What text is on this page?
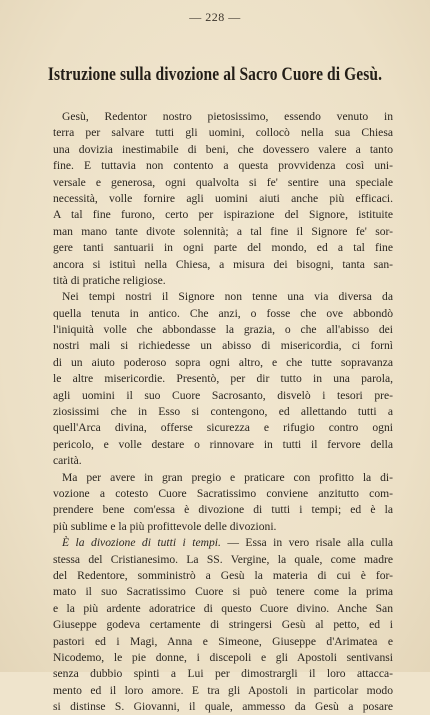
— 228 —
Istruzione sulla divozione al Sacro Cuore di Gesù.
Gesù, Redentor nostro pietosissimo, essendo venuto in
terra per salvare tutti gli uomini, collocò nella sua Chiesa
una dovizia inestimabile di beni, che dovessero valere a tanto
fine. E tuttavia non contento a questa provvidenza così uni-
versale e generosa, ogni qualvolta si fe' sentire una speciale
necessità, volle fornire agli uomini aiuti anche più efficaci.
A tal fine furono, certo per ispirazione del Signore, istituite
man mano tante divote solennità; a tal fine il Signore fe' sor-
gere tanti santuarii in ogni parte del mondo, ed a tal fine
ancora si istituì nella Chiesa, a misura dei bisogni, tanta san-
tità di pratiche religiose.
Nei tempi nostri il Signore non tenne una via diversa da
quella tenuta in antico. Che anzi, o fosse che ove abbondò
l'iniquità volle che abbondasse la grazia, o che all'abisso dei
nostri mali si richiedesse un abisso di misericordia, ci fornì
di un aiuto poderoso sopra ogni altro, e che tutte sopravanza
le altre misericordie. Presentò, per dir tutto in una parola,
agli uomini il suo Cuore Sacrosanto, disvelò i tesori pre-
ziosissimi che in Esso si contengono, ed allettando tutti a
quell'Arca divina, offerse sicurezza e rifugio contro ogni
pericolo, e volle destare o rinnovare in tutti il fervore della
carità.
Ma per avere in gran pregio e praticare con profitto la di-
vozione a cotesto Cuore Sacratissimo conviene anzitutto com-
prendere bene com'essa è divozione di tutti i tempi; ed è la
più sublime e la più profittevole delle divozioni.
È la divozione di tutti i tempi. — Essa in vero risale alla culla
stessa del Cristianesimo. La SS. Vergine, la quale, come madre
del Redentore, somministrò a Gesù la materia di cui è for-
mato il suo Sacratissimo Cuore si può tenere come la prima
e la più ardente adoratrice di questo Cuore divino. Anche San
Giuseppe godeva certamente di stringersi Gesù al petto, ed i
pastori ed i Magi, Anna e Simeone, Giuseppe d'Arimatea e
Nicodemo, le pie donne, i discepoli e gli Apostoli sentivansi
senza dubbio spinti a Lui per dimostrargli il loro attacca-
mento ed il loro amore. E tra gli Apostoli in particolar modo
si distinse S. Giovanni, il quale, ammesso da Gesù a posare
